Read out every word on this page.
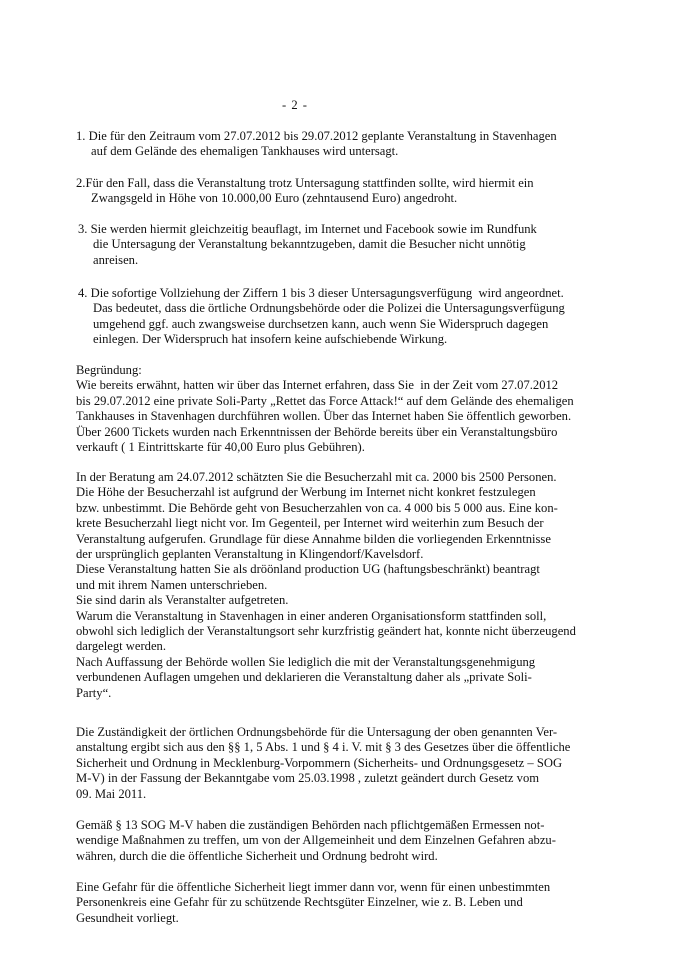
- 2 -
1. Die für den Zeitraum vom 27.07.2012 bis 29.07.2012 geplante Veranstaltung in Stavenhagen
auf dem Gelände des ehemaligen Tankhauses wird untersagt.
2.Für den Fall, dass die Veranstaltung trotz Untersagung stattfinden sollte, wird hiermit ein
Zwangsgeld in Höhe von 10.000,00 Euro (zehntausend Euro) angedroht.
3. Sie werden hiermit gleichzeitig beauflagt, im Internet und Facebook sowie im Rundfunk
die Untersagung der Veranstaltung bekanntzugeben, damit die Besucher nicht unnötig
anreisen.
4. Die sofortige Vollziehung der Ziffern 1 bis 3 dieser Untersagungsverfügung  wird angeordnet.
Das bedeutet, dass die örtliche Ordnungsbehörde oder die Polizei die Untersagungsverfügung
umgehend ggf. auch zwangsweise durchsetzen kann, auch wenn Sie Widerspruch dagegen
einlegen. Der Widerspruch hat insofern keine aufschiebende Wirkung.
Begründung:
Wie bereits erwähnt, hatten wir über das Internet erfahren, dass Sie  in der Zeit vom 27.07.2012
bis 29.07.2012 eine private Soli-Party „Rettet das Force Attack!“ auf dem Gelände des ehemaligen
Tankhauses in Stavenhagen durchführen wollen. Über das Internet haben Sie öffentlich geworben.
Über 2600 Tickets wurden nach Erkenntnissen der Behörde bereits über ein Veranstaltungsbüro
verkauft ( 1 Eintrittskarte für 40,00 Euro plus Gebühren).
In der Beratung am 24.07.2012 schätzten Sie die Besucherzahl mit ca. 2000 bis 2500 Personen.
Die Höhe der Besucherzahl ist aufgrund der Werbung im Internet nicht konkret festzulegen
bzw. unbestimmt. Die Behörde geht von Besucherzahlen von ca. 4 000 bis 5 000 aus. Eine kon-
krete Besucherzahl liegt nicht vor. Im Gegenteil, per Internet wird weiterhin zum Besuch der
Veranstaltung aufgerufen. Grundlage für diese Annahme bilden die vorliegenden Erkenntnisse
der ursprünglich geplanten Veranstaltung in Klingendorf/Kavelsdorf.
Diese Veranstaltung hatten Sie als dröönland production UG (haftungsbeschränkt) beantragt
und mit ihrem Namen unterschrieben.
Sie sind darin als Veranstalter aufgetreten.
Warum die Veranstaltung in Stavenhagen in einer anderen Organisationsform stattfinden soll,
obwohl sich lediglich der Veranstaltungsort sehr kurzfristig geändert hat, konnte nicht überzeugend
dargelegt werden.
Nach Auffassung der Behörde wollen Sie lediglich die mit der Veranstaltungsgenehmigung
verbundenen Auflagen umgehen und deklarieren die Veranstaltung daher als „private Soli-
Party“.
Die Zuständigkeit der örtlichen Ordnungsbehörde für die Untersagung der oben genannten Ver-
anstaltung ergibt sich aus den §§ 1, 5 Abs. 1 und § 4 i. V. mit § 3 des Gesetzes über die öffentliche
Sicherheit und Ordnung in Mecklenburg-Vorpommern (Sicherheits- und Ordnungsgesetz – SOG
M-V) in der Fassung der Bekanntgabe vom 25.03.1998 , zuletzt geändert durch Gesetz vom
09. Mai 2011.
Gemäß § 13 SOG M-V haben die zuständigen Behörden nach pflichtgemäßen Ermessen not-
wendige Maßnahmen zu treffen, um von der Allgemeinheit und dem Einzelnen Gefahren abzu-
währen, durch die die öffentliche Sicherheit und Ordnung bedroht wird.
Eine Gefahr für die öffentliche Sicherheit liegt immer dann vor, wenn für einen unbestimmten
Personenkreis eine Gefahr für zu schützende Rechtsgüter Einzelner, wie z. B. Leben und
Gesundheit vorliegt.
